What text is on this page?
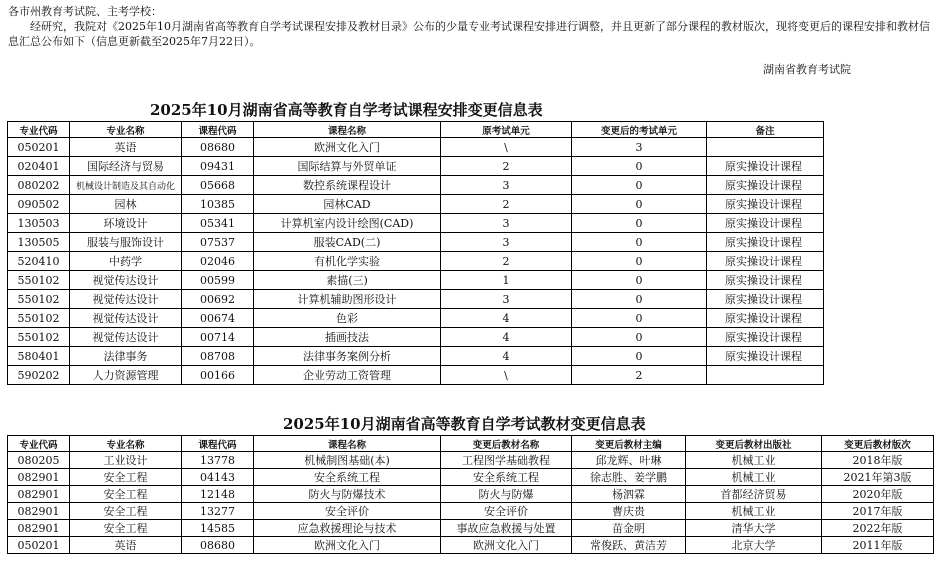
各市州教育考试院、主考学校：

经研究，我院对《2025年10月湖南省高等教育自学考试课程安排及教材目录》公布的少量专业考试课程安排进行调整，并且更新了部分课程的教材版次，现将变更后的课程安排和教材信息汇总公布如下（信息更新截至2025年7月22日）。

湖南省教育考试院
2025年10月湖南省高等教育自学考试课程安排变更信息表
专业代码	专业名称	课程代码	课程名称	原考试单元	变更后的考试单元	备注
050201	英语	08680	欧洲文化入门	\	3	
020401	国际经济与贸易	09431	国际结算与外贸单证	2	0	原实操设计课程
080202	机械设计制造及其自动化	05668	数控系统课程设计	3	0	原实操设计课程
090502	园林	10385	园林CAD	2	0	原实操设计课程
130503	环境设计	05341	计算机室内设计绘图(CAD)	3	0	原实操设计课程
130505	服装与服饰设计	07537	服装CAD(二)	3	0	原实操设计课程
520410	中药学	02046	有机化学实验	2	0	原实操设计课程
550102	视觉传达设计	00599	素描(三)	1	0	原实操设计课程
550102	视觉传达设计	00692	计算机辅助图形设计	3	0	原实操设计课程
550102	视觉传达设计	00674	色彩	4	0	原实操设计课程
550102	视觉传达设计	00714	插画技法	4	0	原实操设计课程
580401	法律事务	08708	法律事务案例分析	4	0	原实操设计课程
590202	人力资源管理	00166	企业劳动工资管理	\	2	
2025年10月湖南省高等教育自学考试教材变更信息表
专业代码	专业名称	课程代码	课程名称	变更后教材名称	变更后教材主编	变更后教材出版社	变更后教材版次
080205	工业设计	13778	机械制图基础(本)	工程图学基础教程	邱龙辉、叶琳	机械工业	2018年版
082901	安全工程	04143	安全系统工程	安全系统工程	徐志胜、姜学鹏	机械工业	2021年第3版
082901	安全工程	12148	防火与防爆技术	防火与防爆	杨泗霖	首都经济贸易	2020年版
082901	安全工程	13277	安全评价	安全评价	曹庆贵	机械工业	2017年版
082901	安全工程	14585	应急救援理论与技术	事故应急救援与处置	苗金明	清华大学	2022年版
050201	英语	08680	欧洲文化入门	欧洲文化入门	常俊跃、黄洁芳	北京大学	2011年版
